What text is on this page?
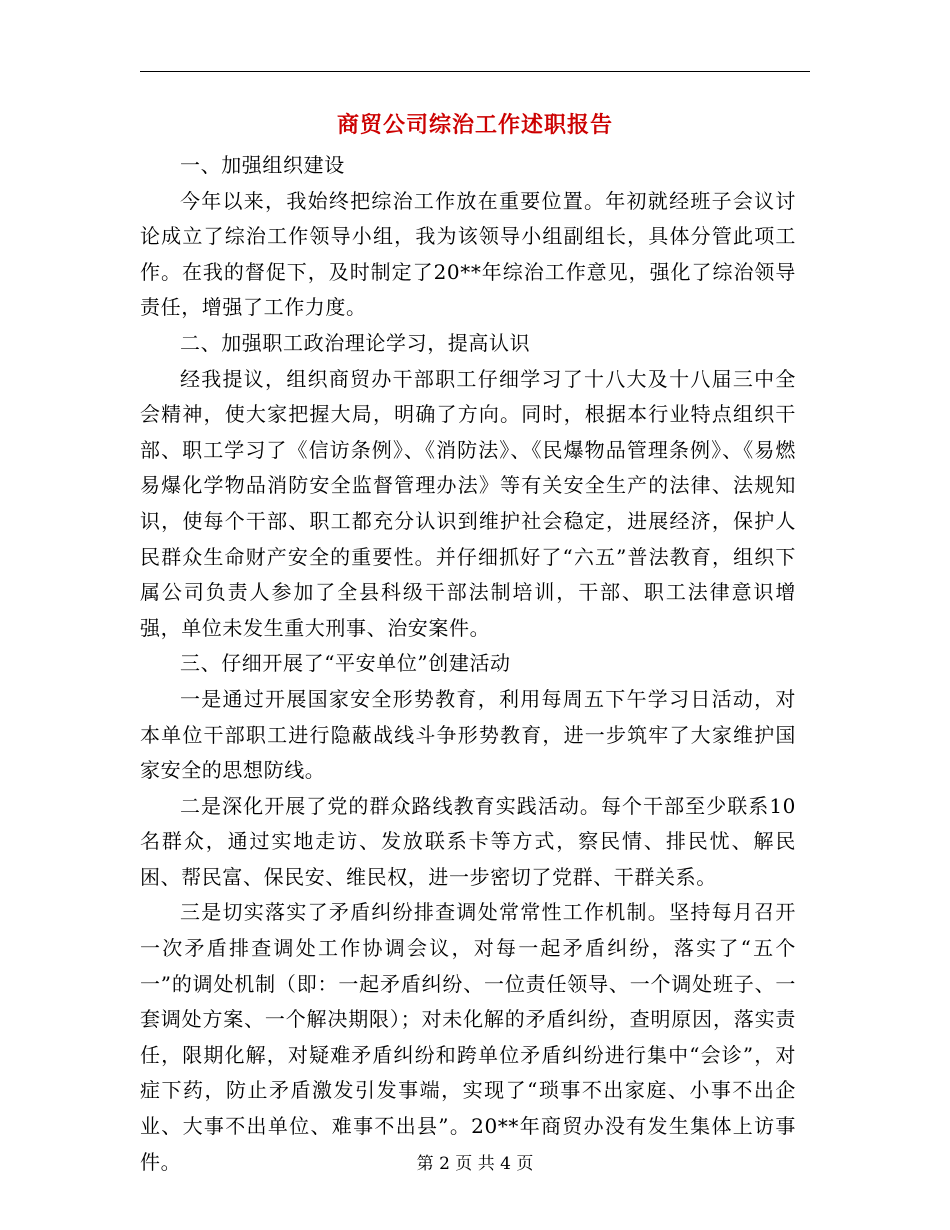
商贸公司综治工作述职报告

一、加强组织建设

今年以来，我始终把综治工作放在重要位置。年初就经班子会议讨论成立了综治工作领导小组，我为该领导小组副组长，具体分管此项工作。在我的督促下，及时制定了20**年综治工作意见，强化了综治领导责任，增强了工作力度。

二、加强职工政治理论学习，提高认识

经我提议，组织商贸办干部职工仔细学习了十八大及十八届三中全会精神，使大家把握大局，明确了方向。同时，根据本行业特点组织干部、职工学习了《信访条例》、《消防法》、《民爆物品管理条例》、《易燃易爆化学物品消防安全监督管理办法》等有关安全生产的法律、法规知识，使每个干部、职工都充分认识到维护社会稳定，进展经济，保护人民群众生命财产安全的重要性。并仔细抓好了“六五”普法教育，组织下属公司负责人参加了全县科级干部法制培训，干部、职工法律意识增强，单位未发生重大刑事、治安案件。

三、仔细开展了“平安单位”创建活动

一是通过开展国家安全形势教育，利用每周五下午学习日活动，对本单位干部职工进行隐蔽战线斗争形势教育，进一步筑牢了大家维护国家安全的思想防线。

二是深化开展了党的群众路线教育实践活动。每个干部至少联系10名群众，通过实地走访、发放联系卡等方式，察民情、排民忧、解民困、帮民富、保民安、维民权，进一步密切了党群、干群关系。

三是切实落实了矛盾纠纷排查调处常常性工作机制。坚持每月召开一次矛盾排查调处工作协调会议，对每一起矛盾纠纷，落实了“五个一”的调处机制（即：一起矛盾纠纷、一位责任领导、一个调处班子、一套调处方案、一个解决期限）；对未化解的矛盾纠纷，查明原因，落实责任，限期化解，对疑难矛盾纠纷和跨单位矛盾纠纷进行集中“会诊”，对症下药，防止矛盾激发引发事端，实现了“琐事不出家庭、小事不出企业、大事不出单位、难事不出县”。20**年商贸办没有发生集体上访事件。	第 2 页 共 4 页
